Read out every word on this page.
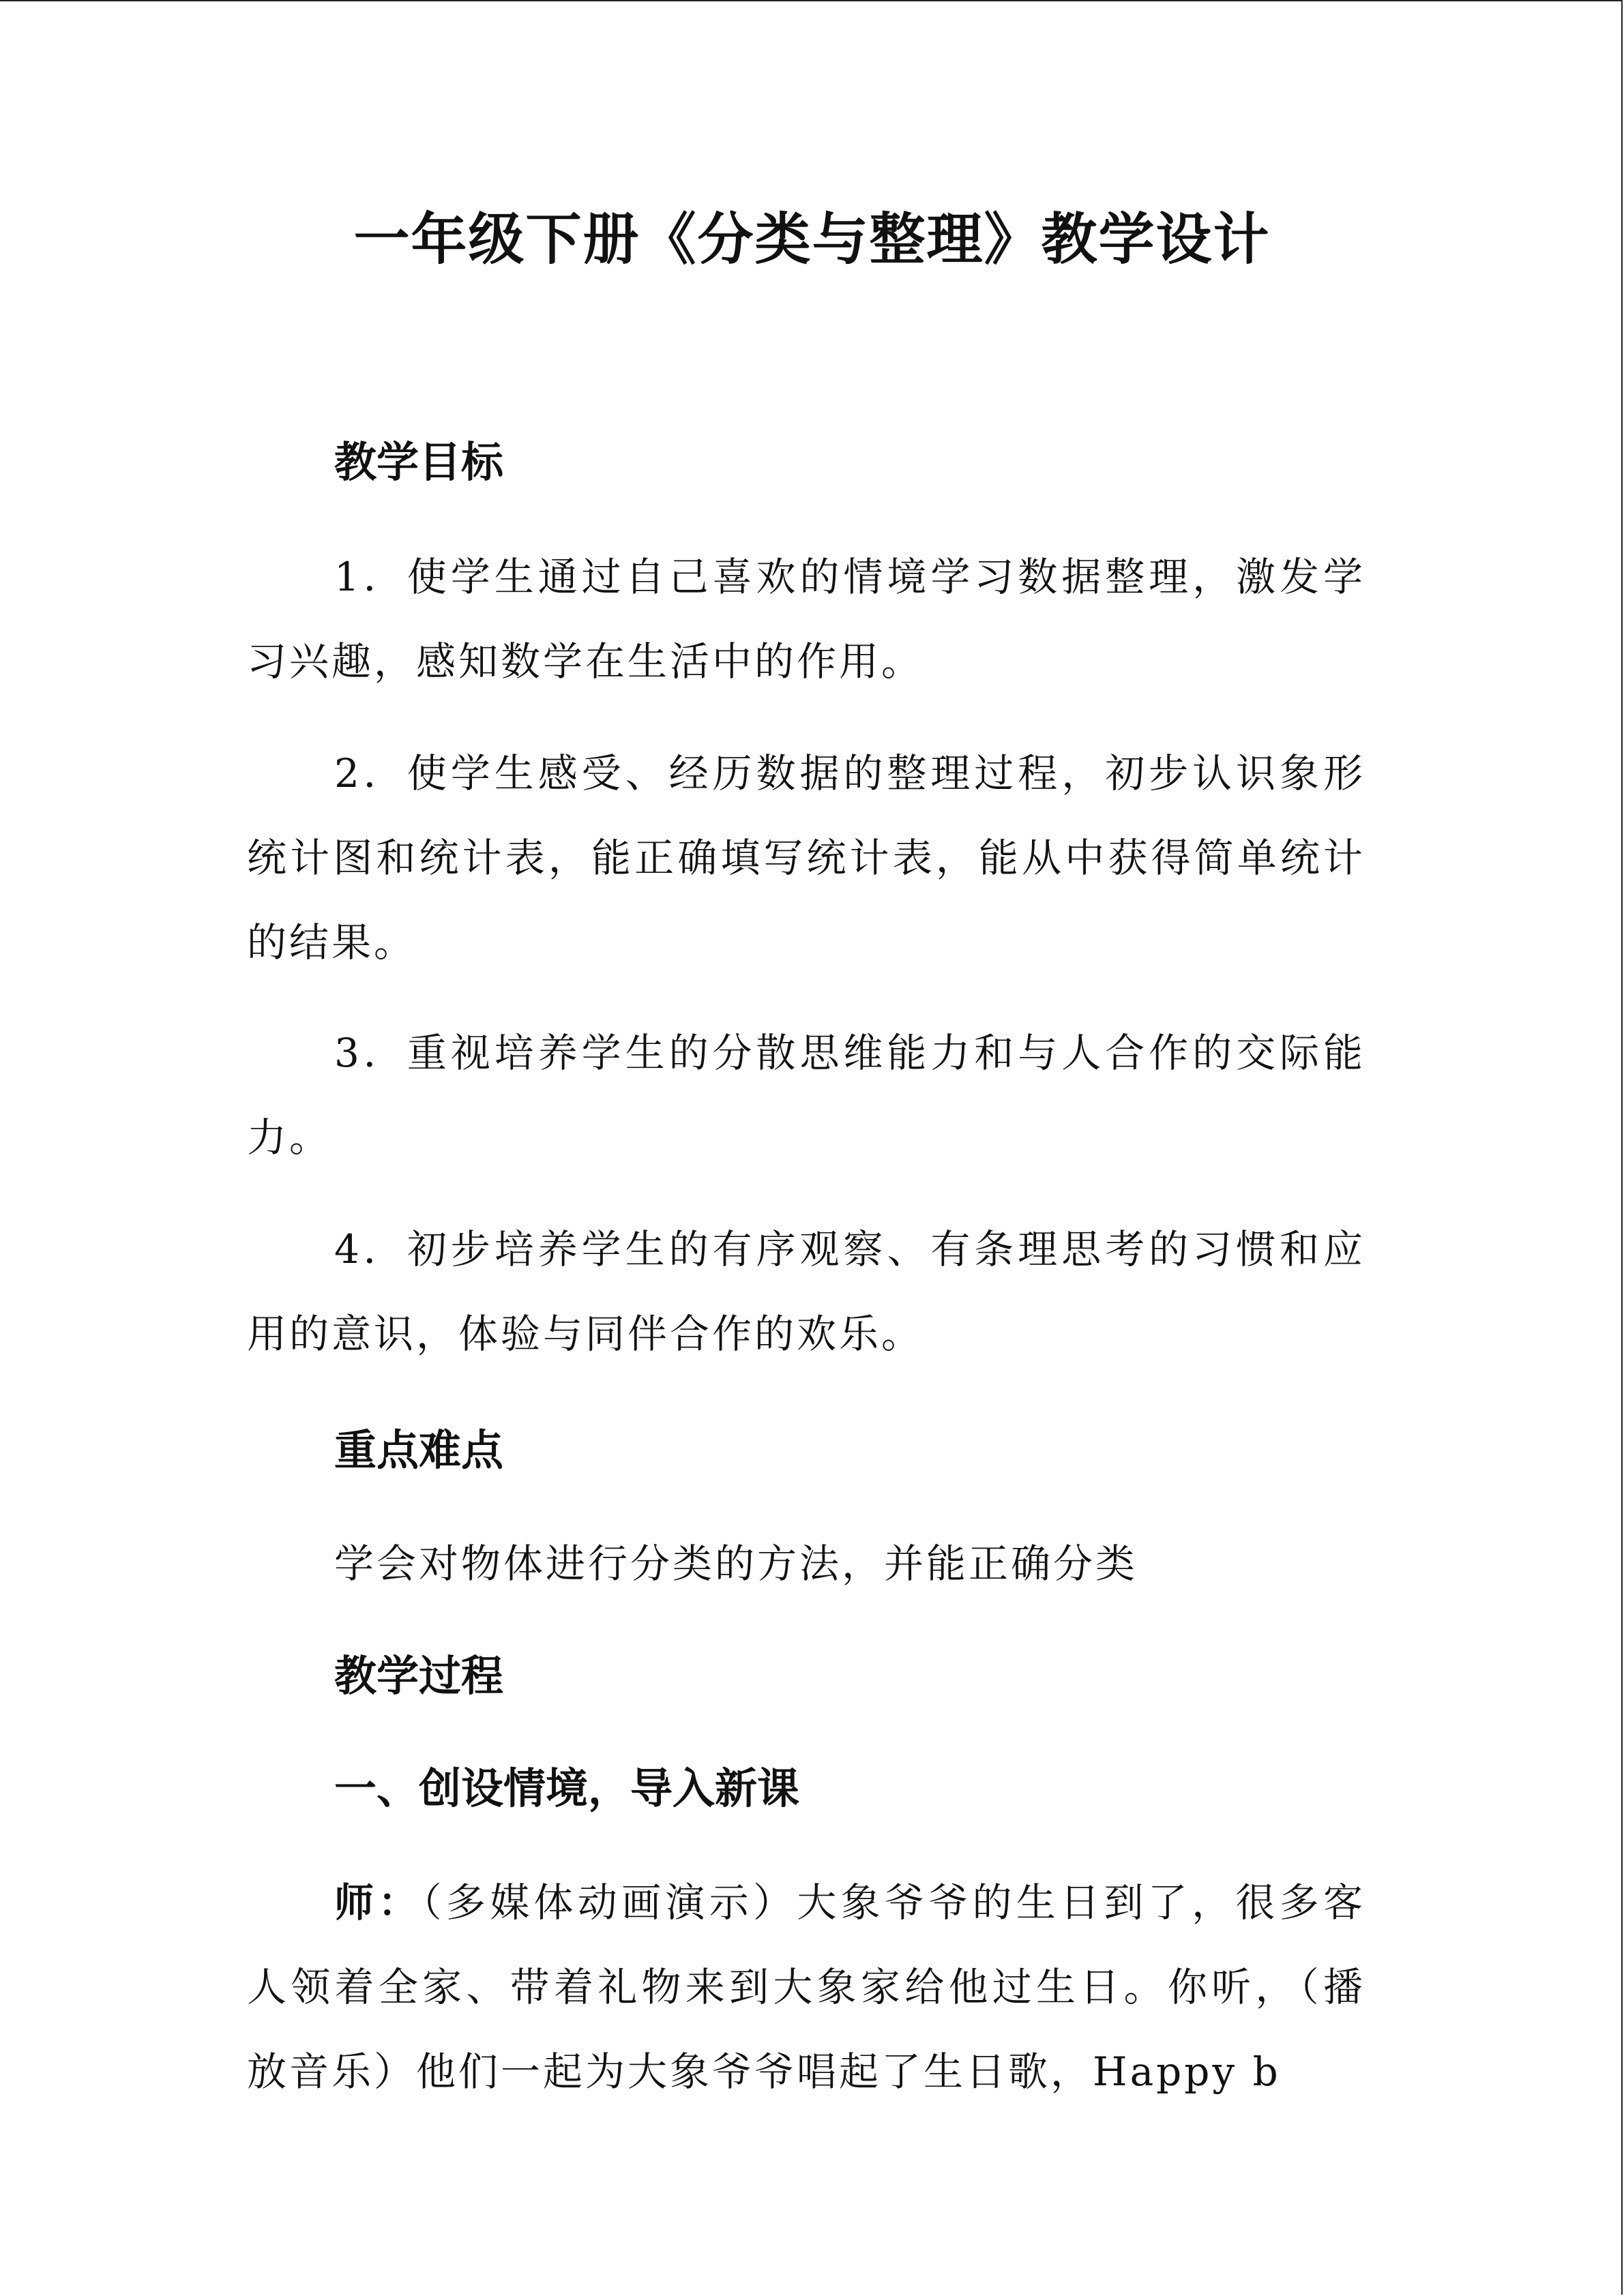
一年级下册《分类与整理》教学设计
教学目标
1．使学生通过自己喜欢的情境学习数据整理，激发学习兴趣，感知数学在生活中的作用。
2．使学生感受、经历数据的整理过程，初步认识象形统计图和统计表，能正确填写统计表，能从中获得简单统计的结果。
3．重视培养学生的分散思维能力和与人合作的交际能力。
4．初步培养学生的有序观察、有条理思考的习惯和应用的意识，体验与同伴合作的欢乐。
重点难点
学会对物体进行分类的方法，并能正确分类
教学过程
一、创设情境，导入新课
师：（多媒体动画演示）大象爷爷的生日到了，很多客人领着全家、带着礼物来到大象家给他过生日。你听，（播放音乐）他们一起为大象爷爷唱起了生日歌，Happy b
